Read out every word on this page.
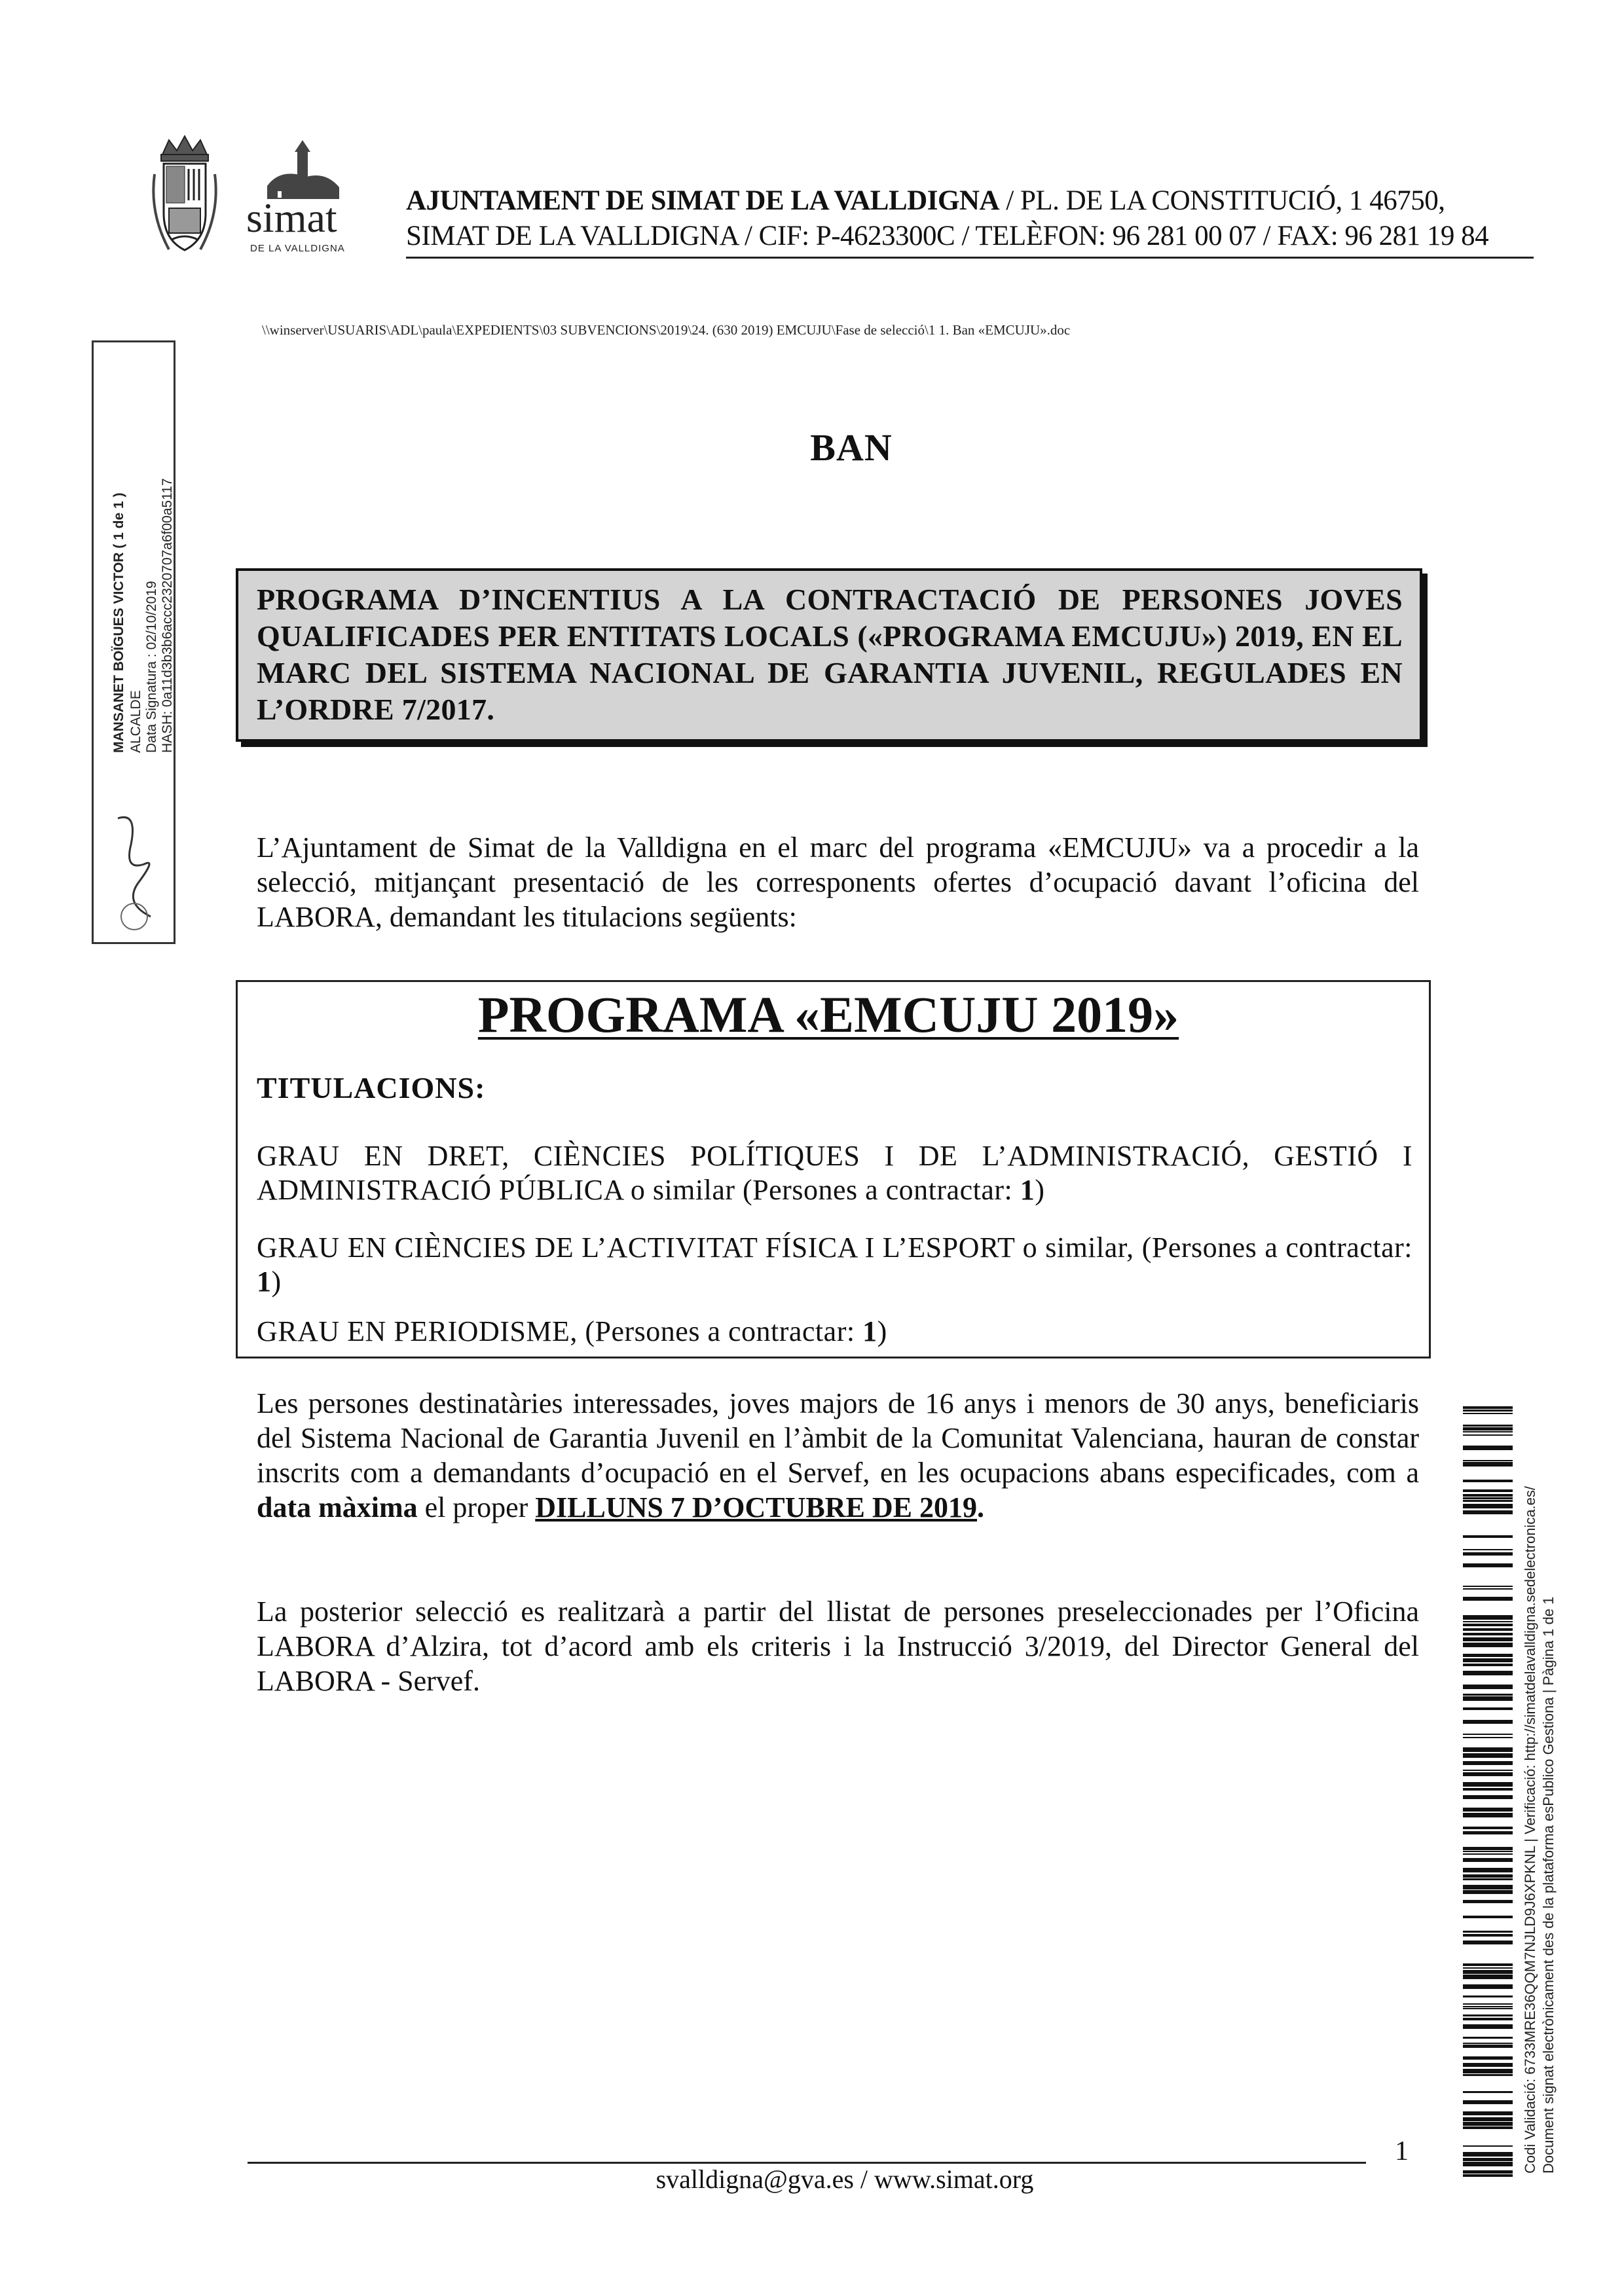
simat
DE LA VALLDIGNA
AJUNTAMENT DE SIMAT DE LA VALLDIGNA / PL. DE LA CONSTITUCIÓ, 1 46750,
SIMAT DE LA VALLDIGNA / CIF: P-4623300C / TELÈFON: 96 281 00 07 / FAX: 96 281 19 84
\\winserver\USUARIS\ADL\paula\EXPEDIENTS\03 SUBVENCIONS\2019\24. (630 2019) EMCUJU\Fase de selecció\1 1. Ban «EMCUJU».doc
MANSANET BOÏGUES VICTOR ( 1 de 1 ) ALCALDE Data Signatura : 02/10/2019 HASH: 0a11d3b3b6accc2320707a6f00a5117
BAN
PROGRAMA D’INCENTIUS A LA CONTRACTACIÓ DE PERSONES JOVES QUALIFICADES PER ENTITATS LOCALS («PROGRAMA EMCUJU») 2019, EN EL MARC DEL SISTEMA NACIONAL DE GARANTIA JUVENIL, REGULADES EN L’ORDRE 7/2017.
L’Ajuntament de Simat de la Valldigna en el marc del programa «EMCUJU» va a procedir a la selecció, mitjançant presentació de les corresponents ofertes d’ocupació davant l’oficina del LABORA, demandant les titulacions següents:
PROGRAMA «EMCUJU 2019»
TITULACIONS:
GRAU EN DRET, CIÈNCIES POLÍTIQUES I DE L’ADMINISTRACIÓ, GESTIÓ I ADMINISTRACIÓ PÚBLICA o similar (Persones a contractar: 1)
GRAU EN CIÈNCIES DE L’ACTIVITAT FÍSICA I L’ESPORT o similar, (Persones a contractar: 1)
GRAU EN PERIODISME, (Persones a contractar: 1)
Les persones destinatàries interessades, joves majors de 16 anys i menors de 30 anys, beneficiaris del Sistema Nacional de Garantia Juvenil en l’àmbit de la Comunitat Valenciana, hauran de constar inscrits com a demandants d’ocupació en el Servef, en les ocupacions abans especificades, com a data màxima el proper DILLUNS 7 D’OCTUBRE DE 2019.
La posterior selecció es realitzarà a partir del llistat de persones preseleccionades per l’Oficina LABORA d’Alzira, tot d’acord amb els criteris i la Instrucció 3/2019, del Director General del LABORA - Servef.	Codi Validació: 6733MRE36QQM7NJLD9J6XPKNL | Verificació: http://simatdelavalldigna.sedelectronica.es/ Document signat electrònicament des de la plataforma esPublico Gestiona | Pàgina 1 de 1
1
svalldigna@gva.es / www.simat.org
